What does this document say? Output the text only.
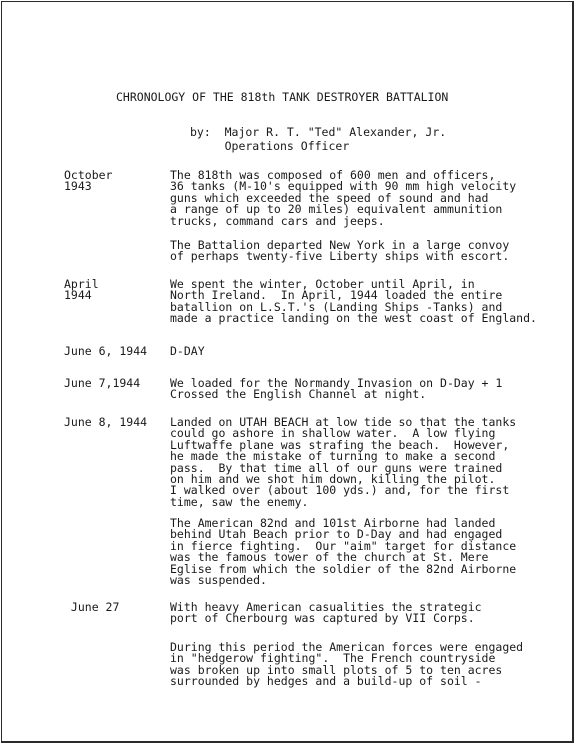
CHRONOLOGY OF THE 818th TANK DESTROYER BATTALION
by:  Major R. T. "Ted" Alexander, Jr.
Operations Officer
October
1943
The 818th was composed of 600 men and officers,
36 tanks (M-10's equipped with 90 mm high velocity
guns which exceeded the speed of sound and had
a range of up to 20 miles) equivalent ammunition
trucks, command cars and jeeps.
The Battalion departed New York in a large convoy
of perhaps twenty-five Liberty ships with escort.
April
1944
We spent the winter, October until April, in
North Ireland.  In April, 1944 loaded the entire
batallion on L.S.T.'s (Landing Ships -Tanks) and
made a practice landing on the west coast of England.
June 6, 1944 D-DAY
June 7,1944	We loaded for the Normandy Invasion on D-Day + 1
Crossed the English Channel at night.
June 8, 1944 Landed on UTAH BEACH at low tide so that the tanks
could go ashore in shallow water.  A low flying
Luftwaffe plane was strafing the beach.  However,
he made the mistake of turning to make a second
pass.  By that time all of our guns were trained
on him and we shot him down, killing the pilot.
I walked over (about 100 yds.) and, for the first
time, saw the enemy.
The American 82nd and 101st Airborne had landed
behind Utah Beach prior to D-Day and had engaged
in fierce fighting.  Our "aim" target for distance
was the famous tower of the church at St. Mere
Eglise from which the soldier of the 82nd Airborne
was suspended.
June 27	With heavy American casualities the strategic
port of Cherbourg was captured by VII Corps.
During this period the American forces were engaged
in "hedgerow fighting".  The French countryside
was broken up into small plots of 5 to ten acres
surrounded by hedges and a build-up of soil -
